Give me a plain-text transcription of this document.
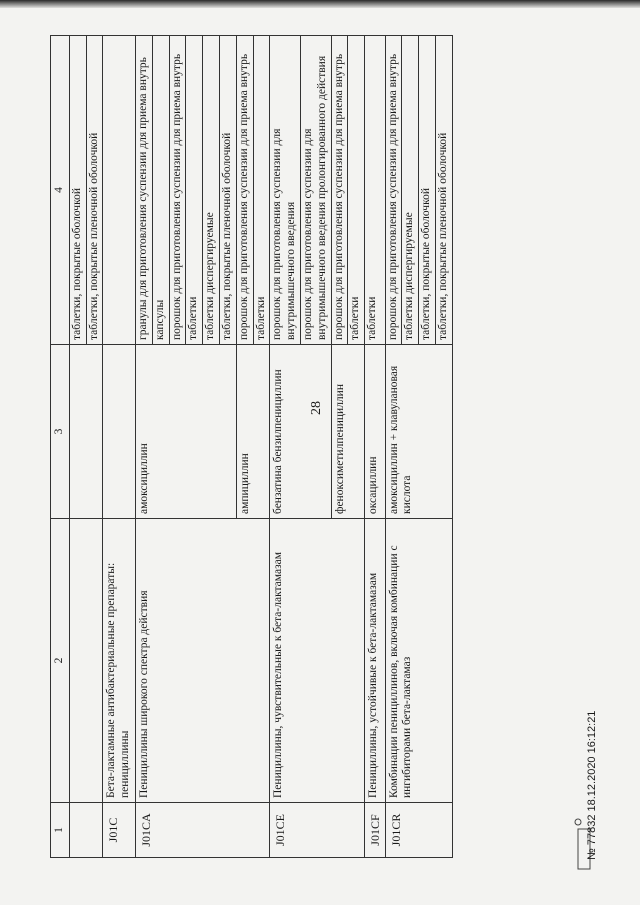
28
1	2	3	4
			таблетки, покрытые оболочкой
			таблетки, покрытые пленочной оболочкой
J01C	Бета-лактамные антибактериальные препараты: пенициллины		
J01CA	Пенициллины широкого спектра действия	амоксициллин	гранулы для приготовления суспензии для приема внутрь
			капсулы
			порошок для приготовления суспензии для приема внутрь
			таблетки
			таблетки диспергируемые
			таблетки, покрытые пленочной оболочкой
		ампициллин	порошок для приготовления суспензии для приема внутрь
			таблетки
J01CE	Пенициллины, чувствительные к бета-лактамазам	бензатина бензилпенициллин	порошок для приготовления суспензии для внутримышечного введения
			порошок для приготовления суспензии для внутримышечного введения пролонгированного действия
		феноксиметилпенициллин	порошок для приготовления суспензии для приема внутрь
			таблетки
J01CF	Пенициллины, устойчивые к бета-лактамазам	оксациллин	таблетки
J01CR	Комбинации пенициллинов, включая комбинации с ингибиторами бета-лактамаз	амоксициллин + клавулановая кислота	порошок для приготовления суспензии для приема внутрь
			таблетки диспергируемые
			таблетки, покрытые оболочкой
			таблетки, покрытые пленочной оболочкой
№ 77832 18.12.2020 16:12:21
